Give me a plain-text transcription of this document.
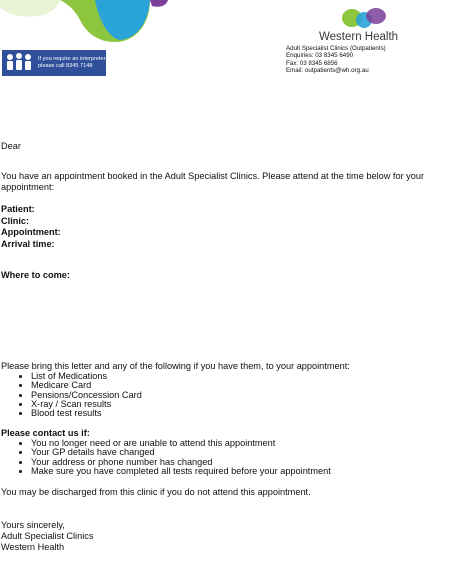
If you require an interpreter
please call 8345 7148
Western Health
Adult Specialist Clinics (Outpatients)
Enquiries: 03 8345 6490
Fax: 03 8345 6856
Email: outpatients@wh.org.au

Dear

You have an appointment booked in the Adult Specialist Clinics. Please attend at the time below for your

appointment:

Patient:

Clinic:

Appointment:

Arrival time:

Where to come:

Please bring this letter and any of the following if you have them, to your appointment:

• List of Medications
• Medicare Card
• Pensions/Concession Card
• X-ray / Scan results
• Blood test results

Please contact us if:

• You no longer need or are unable to attend this appointment
• Your GP details have changed
• Your address or phone number has changed
• Make sure you have completed all tests required before your appointment

You may be discharged from this clinic if you do not attend this appointment.

Yours sincerely,

Adult Specialist Clinics

Western Health
